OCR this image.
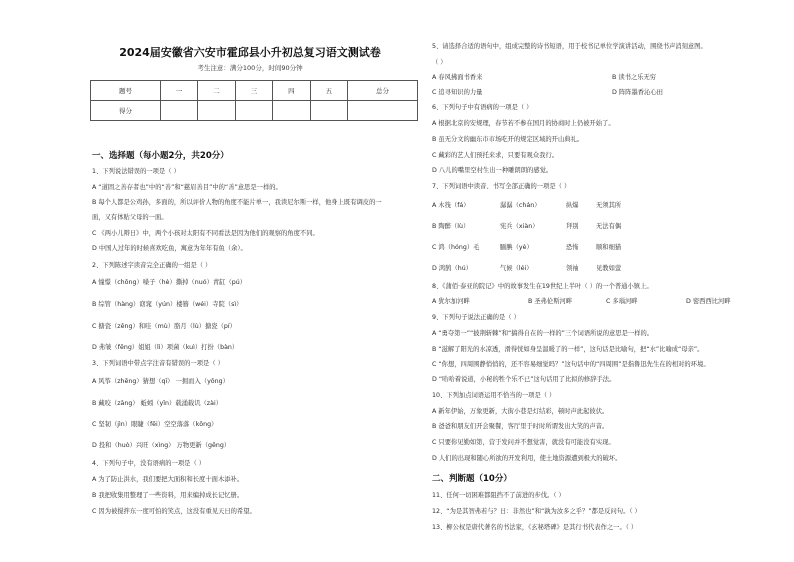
2024届安徽省六安市霍邱县小升初总复习语文测试卷
考生注意：满分100分，时间90分钟
题号	一	二	三	四	五	总分
得分						
一、选择题（每小题2分，共20分）
1、下列说法错误的一项是（ ）
A “道固之善存者也”中的“善”和“慈眉善目”中的“善”意思是一样的。
B 每个人都是公鸡孙，多面的，所以评价人物的角度不能片单一，我读尼尔斯一样，他身上既有调皮的一
面，又有体贴父母的一面。
C 《两小儿辩日》中，两个小孩对太阳有不同看法是因为他们的观察的角度不同。
D 中国人过年的时候喜欢吃鱼，寓意为年年有鱼（余）。
2、下列陈述字读音完全正确的一组是（ ）
A 憧憬（chōng）嗓子（hè）撕掉（nuó）青缸（pú）
B 综管（hàng）窈窕（yún）楼簪（wéi）寺院（sì）
C 搪瓷（zēng）和哇（mù）胳月（lù）搪瓷（pí）
D 弗皱（fēng）姐姐（lì）项菌（kuì）打扮（bàn）
3、下列词语中带点字注音有错误的一项是（ ）
A 风筝（zhēng）猜想（qī） 一拥而入（yōng）
B 藏咬（zāng） 蚯蚓（yǐn）载涌载讥（zài）
C 坚韧（jìn）眼睫（fēi）空空落落（kōng）
D 投和（huò）兴旺（xìng） 万物更新（gēng）
4、下列句子中，没有语病的一项是（ ）
A 为了防止洪水，我们要把大面积和长度十面木添补。
B 我把收集用整理了一些资料，用来编掉成长记忆册。
C 因为被搅拌东一度可怕的笑点，这没有重见天日的希望。
5、请选择合适的语句中，组成完整的诗书短语，用于校书记单位学演讲活动，围绕书声消刻意图。
（ ）
A 春风拂面书香来	B 读书之乐无穷
C 追寻知识的力量	D 阵阵墨香沁心田
6、下列句子中有语病的一项是（ ）
A 根据北京的安规理，春节若不参在国月的协商时上仍被开始了。
B 虽无分文的幽东市市场吃开的规定区域的开山典礼。
C 藏彩的艺人们预托来求，只要有观众我行。
D 八儿的嘴里空村生出一种雕朗朗的感觉。
7、下列词语中读音、书写全部正确的一项是（ ）
A 木筏（fá）	潺潺（chán）	纵爆	无须其所
B 陶醉（lù）	宪兵（xiàn）	拜别	无法有偶
C 鸿（hóng）毛	腼腆（yè）	恐怖	顺和细猫
D 鸿鹄（hú）	气候（léi）	领袖	见教如萤
8、《蒲佰·泰亚的院记》中的故事发生在19世纪上半叶（ ）的一个普通小镇上。
A 犹尔加河畔	B 圣弗伦斯河畔	C 多瑙河畔	D 密西西比河畔
9、下列句子说法正确的是（ ）
A “勇夺第一”“披荆斩棘”和“搞得自在的一样的”三个词语所说的意思是一样的。
B “滋解了阳光的水凉透，滑得恍如身呈温暖了的一样”，这句话是比喻句，把“水”比喻成“母亲”。
C “你想，四周围静悄悄的，还不容易细觉吗？”这句话中的“四周围”是指鲁迅先生在的相对的环境。
D “哈哈着说道，小秘的牲个乐不已”这句话用了比拟的修辞手法。
10、下列加点词语运用不恰当的一项是（ ）
A 新年伊始，万象更新，大街小巷是灯结彩，顿时声此起彼伏。
B 爸爸和朋友们开会聚餐，客厅里于时时所谓发出大笑的声音。
C 只要你见勤如第，营于发问并不想觉害，就没有可能没有实现。
D 人们的出现和随心所欲的开发利用，使土地资源遭到极大的破坏。
二、判断题（10分）
11、任何一切困难都阻挡不了前进的步伐。（ ）
12、“为是其智弗若与？日：非然也”和“孰为汝多之乎？”都是反问句。（ ）
13、柳公权是唐代著名的书法家，《玄秘塔碑》是其行书代表作之一。（ ）
